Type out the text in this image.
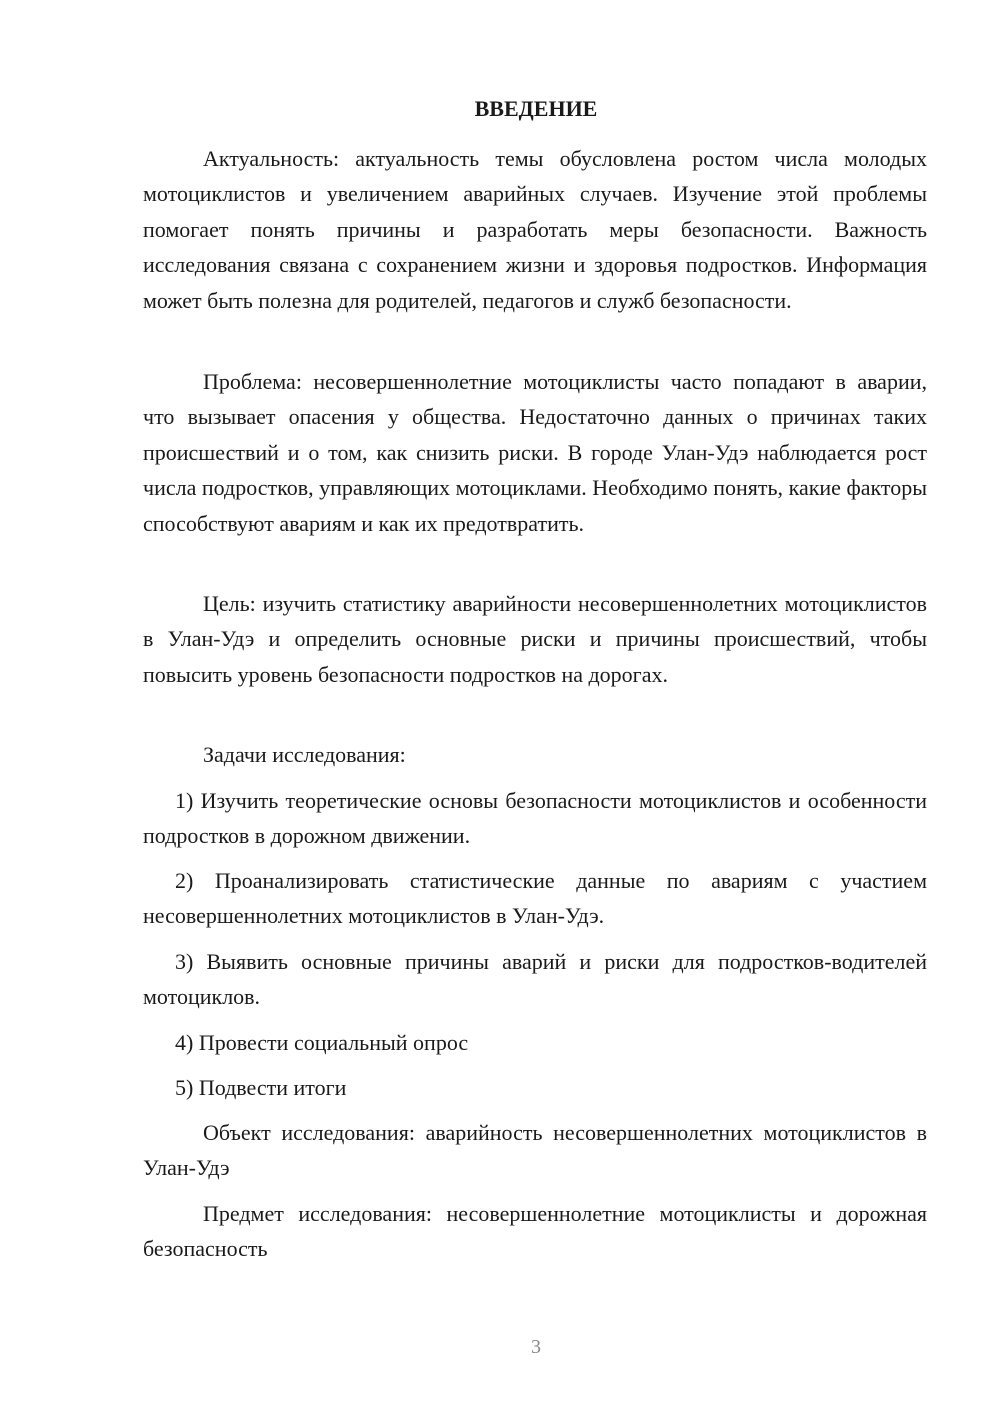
ВВЕДЕНИЕ

Актуальность: актуальность темы обусловлена ростом числа молодых мотоциклистов и увеличением аварийных случаев. Изучение этой проблемы помогает понять причины и разработать меры безопасности. Важность исследования связана с сохранением жизни и здоровья подростков. Информация может быть полезна для родителей, педагогов и служб безопасности.

Проблема: несовершеннолетние мотоциклисты часто попадают в аварии, что вызывает опасения у общества. Недостаточно данных о причинах таких происшествий и о том, как снизить риски. В городе Улан-Удэ наблюдается рост числа подростков, управляющих мотоциклами. Необходимо понять, какие факторы способствуют авариям и как их предотвратить.

Цель: изучить статистику аварийности несовершеннолетних мотоциклистов в Улан-Удэ и определить основные риски и причины происшествий, чтобы повысить уровень безопасности подростков на дорогах.

Задачи исследования:

1) Изучить теоретические основы безопасности мотоциклистов и особенности подростков в дорожном движении.

2) Проанализировать статистические данные по авариям с участием несовершеннолетних мотоциклистов в Улан-Удэ.

3) Выявить основные причины аварий и риски для подростков-водителей мотоциклов.

4) Провести социальный опрос

5) Подвести итоги

Объект исследования: аварийность несовершеннолетних мотоциклистов в Улан-Удэ

Предмет исследования: несовершеннолетние мотоциклисты и дорожная безопасность

3
